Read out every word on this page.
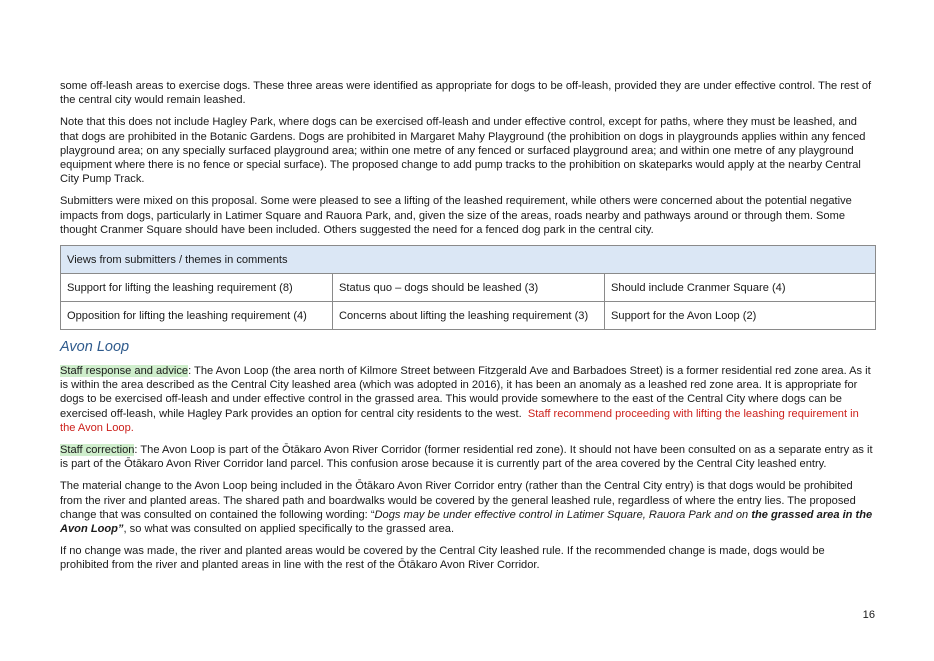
some off-leash areas to exercise dogs. These three areas were identified as appropriate for dogs to be off-leash, provided they are under effective control. The rest of the central city would remain leashed.

Note that this does not include Hagley Park, where dogs can be exercised off-leash and under effective control, except for paths, where they must be leashed, and that dogs are prohibited in the Botanic Gardens. Dogs are prohibited in Margaret Mahy Playground (the prohibition on dogs in playgrounds applies within any fenced playground area; on any specially surfaced playground area; within one metre of any fenced or surfaced playground area; and within one metre of any playground equipment where there is no fence or special surface). The proposed change to add pump tracks to the prohibition on skateparks would apply at the nearby Central City Pump Track.

Submitters were mixed on this proposal. Some were pleased to see a lifting of the leashed requirement, while others were concerned about the potential negative impacts from dogs, particularly in Latimer Square and Rauora Park, and, given the size of the areas, roads nearby and pathways around or through them. Some thought Cranmer Square should have been included. Others suggested the need for a fenced dog park in the central city.

Views from submitters / themes in comments		
Support for lifting the leashing requirement (8)	Status quo – dogs should be leashed (3)	Should include Cranmer Square (4)
Opposition for lifting the leashing requirement (4)	Concerns about lifting the leashing requirement (3)	Support for the Avon Loop (2)
Avon Loop

Staff response and advice: The Avon Loop (the area north of Kilmore Street between Fitzgerald Ave and Barbadoes Street) is a former residential red zone area. As it is within the area described as the Central City leashed area (which was adopted in 2016), it has been an anomaly as a leashed red zone area. It is appropriate for dogs to be exercised off-leash and under effective control in the grassed area. This would provide somewhere to the east of the Central City where dogs can be exercised off-leash, while Hagley Park provides an option for central city residents to the west. Staff recommend proceeding with lifting the leashing requirement in the Avon Loop.

Staff correction: The Avon Loop is part of the Ōtākaro Avon River Corridor (former residential red zone). It should not have been consulted on as a separate entry as it is part of the Ōtākaro Avon River Corridor land parcel. This confusion arose because it is currently part of the area covered by the Central City leashed entry.

The material change to the Avon Loop being included in the Ōtākaro Avon River Corridor entry (rather than the Central City entry) is that dogs would be prohibited from the river and planted areas. The shared path and boardwalks would be covered by the general leashed rule, regardless of where the entry lies. The proposed change that was consulted on contained the following wording: “Dogs may be under effective control in Latimer Square, Rauora Park and on the grassed area in the Avon Loop”, so what was consulted on applied specifically to the grassed area.

If no change was made, the river and planted areas would be covered by the Central City leashed rule. If the recommended change is made, dogs would be prohibited from the river and planted areas in line with the rest of the Ōtākaro Avon River Corridor.

16
